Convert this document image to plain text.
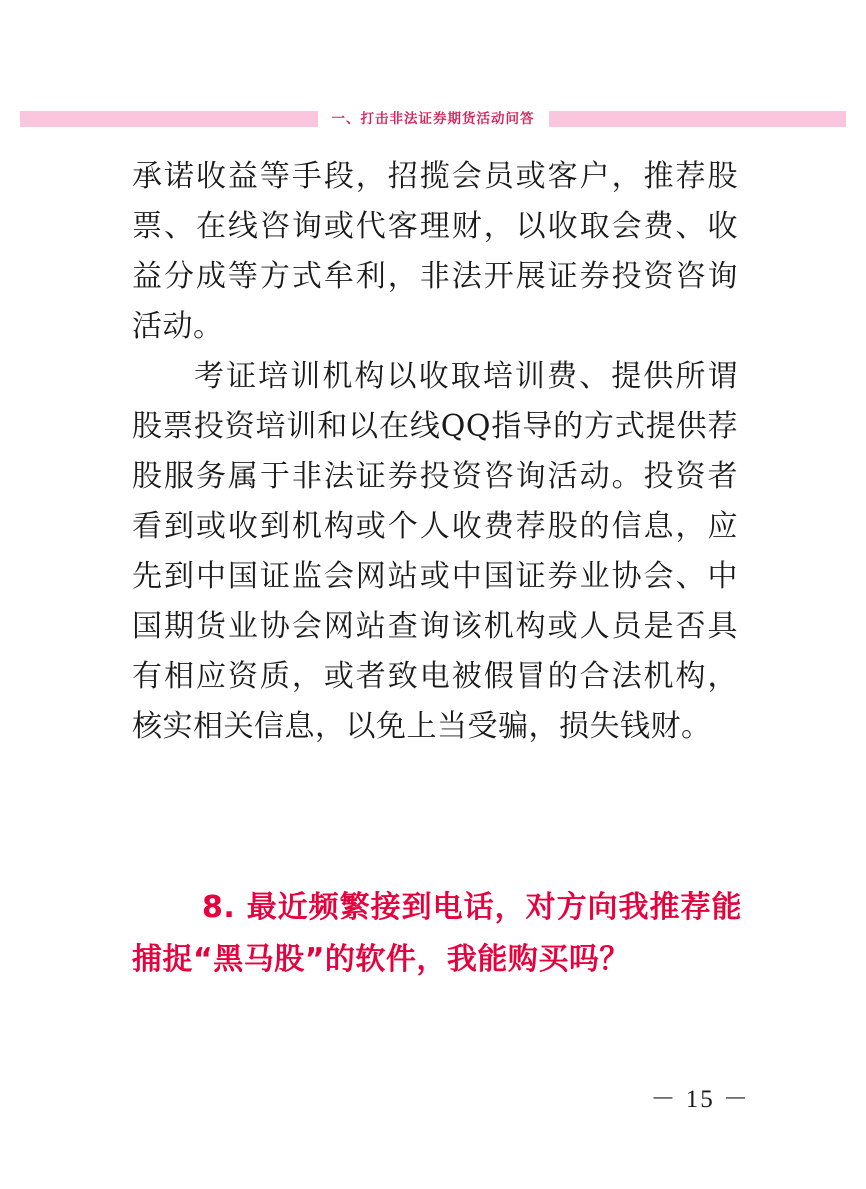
一、打击非法证券期货活动问答

承诺收益等手段，招揽会员或客户，推荐股票、在线咨询或代客理财，以收取会费、收益分成等方式牟利，非法开展证券投资咨询活动。

考证培训机构以收取培训费、提供所谓股票投资培训和以在线QQ指导的方式提供荐股服务属于非法证券投资咨询活动。投资者看到或收到机构或个人收费荐股的信息，应先到中国证监会网站或中国证券业协会、中国期货业协会网站查询该机构或人员是否具有相应资质，或者致电被假冒的合法机构，核实相关信息，以免上当受骗，损失钱财。

8. 最近频繁接到电话，对方向我推荐能捕捉“黑马股”的软件，我能购买吗？

－ 15 －
